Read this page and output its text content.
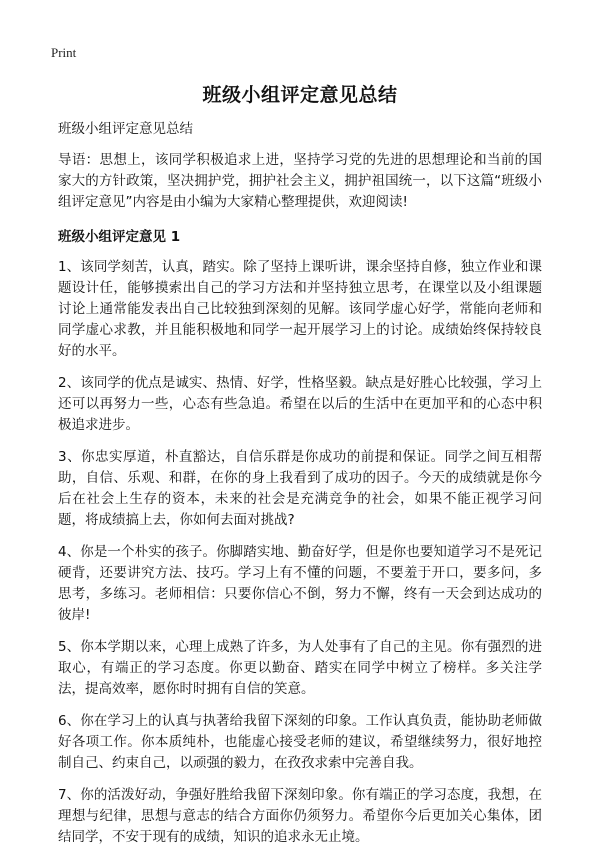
Print
班级小组评定意见总结
班级小组评定意见总结

导语：思想上，该同学积极追求上进，坚持学习党的先进的思想理论和当前的国家大的方针政策，坚决拥护党，拥护社会主义，拥护祖国统一，以下这篇“班级小组评定意见”内容是由小编为大家精心整理提供，欢迎阅读!

班级小组评定意见 1

1、该同学刻苦，认真，踏实。除了坚持上课听讲，课余坚持自修，独立作业和课题设计任，能够摸索出自己的学习方法和并坚持独立思考，在课堂以及小组课题讨论上通常能发表出自己比较独到深刻的见解。该同学虚心好学，常能向老师和同学虚心求教，并且能积极地和同学一起开展学习上的讨论。成绩始终保持较良好的水平。

2、该同学的优点是诚实、热情、好学，性格坚毅。缺点是好胜心比较强，学习上还可以再努力一些，心态有些急追。希望在以后的生活中在更加平和的心态中积极追求进步。

3、你忠实厚道，朴直豁达，自信乐群是你成功的前提和保证。同学之间互相帮助，自信、乐观、和群，在你的身上我看到了成功的因子。今天的成绩就是你今后在社会上生存的资本，未来的社会是充满竞争的社会，如果不能正视学习问题，将成绩搞上去，你如何去面对挑战?

4、你是一个朴实的孩子。你脚踏实地、勤奋好学，但是你也要知道学习不是死记硬背，还要讲究方法、技巧。学习上有不懂的问题，不要羞于开口，要多问，多思考，多练习。老师相信：只要你信心不倒，努力不懈，终有一天会到达成功的彼岸!

5、你本学期以来，心理上成熟了许多，为人处事有了自己的主见。你有强烈的进取心，有端正的学习态度。你更以勤奋、踏实在同学中树立了榜样。多关注学法，提高效率，愿你时时拥有自信的笑意。

6、你在学习上的认真与执著给我留下深刻的印象。工作认真负责，能协助老师做好各项工作。你本质纯朴，也能虚心接受老师的建议，希望继续努力，很好地控制自己、约束自己，以顽强的毅力，在孜孜求索中完善自我。

7、你的活泼好动，争强好胜给我留下深刻印象。你有端正的学习态度，我想，在理想与纪律，思想与意志的结合方面你仍须努力。希望你今后更加关心集体，团结同学，不安于现有的成绩，知识的追求永无止境。
